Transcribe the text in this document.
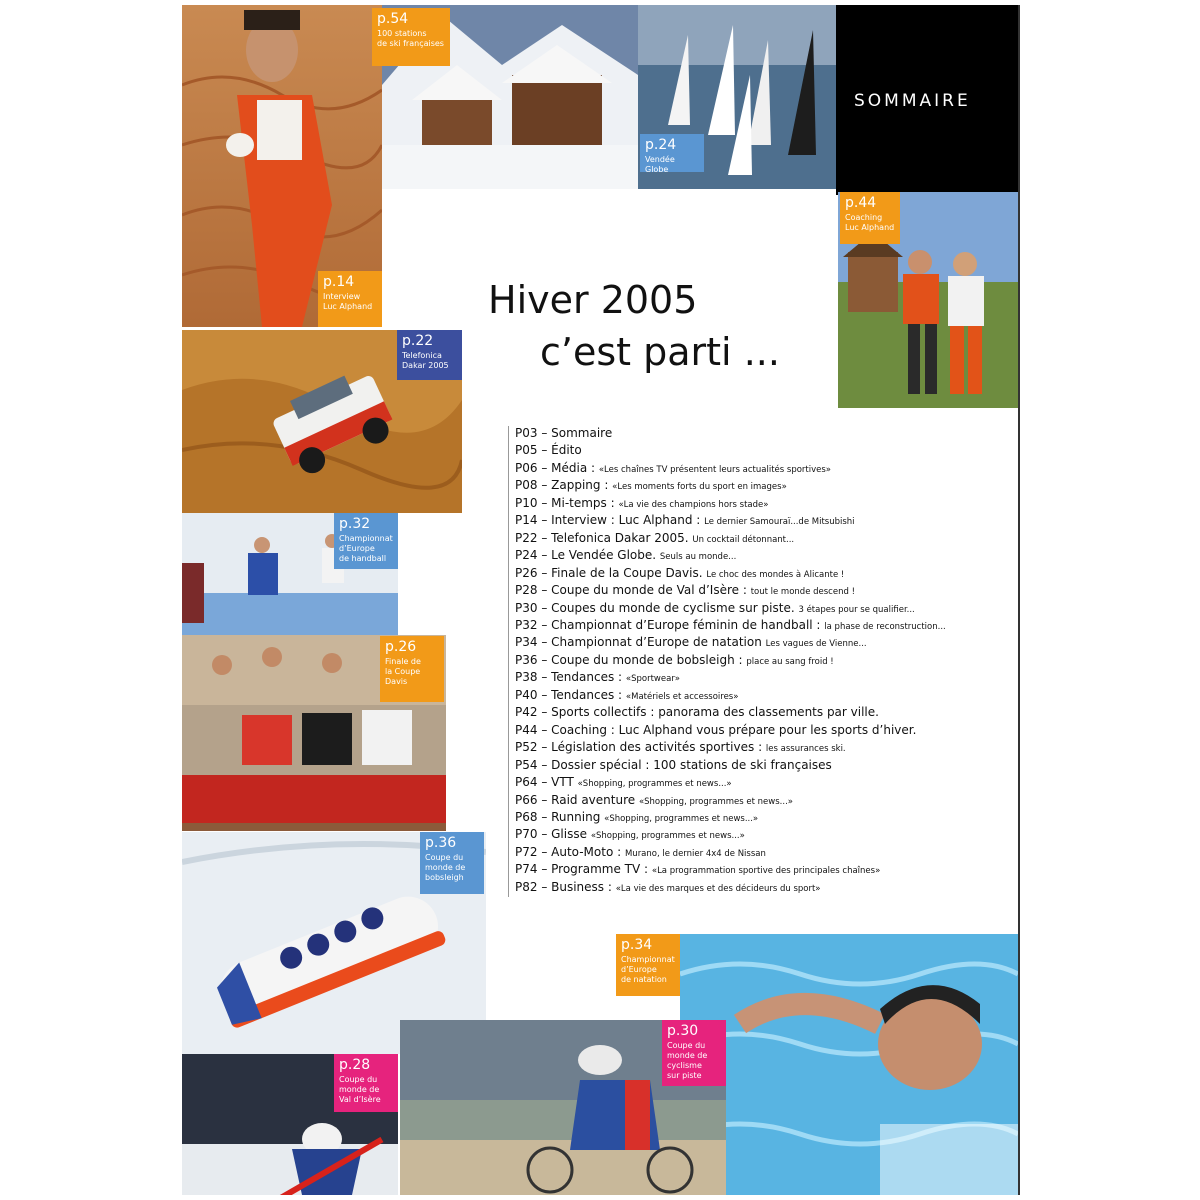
SOMMAIRE
p.54
100 stations
de ski françaises
p.24
Vendée Globe
p.44
Coaching
Luc Alphand
p.14
Interview
Luc Alphand
p.22
Telefonica
Dakar 2005
p.32
Championnat
d’Europe
de handball
p.26
Finale de
la Coupe
Davis
p.36
Coupe du
monde de
bobsleigh
p.34
Championnat
d’Europe
de natation
p.30
Coupe du
monde de
cyclisme
sur piste
p.28
Coupe du
monde de
Val d’Isère
Hiver 2005
c’est parti ...
P03 – Sommaire
P05 – Édito
P06 – Média : «Les chaînes TV présentent leurs actualités sportives»
P08 – Zapping : «Les moments forts du sport en images»
P10 – Mi-temps : «La vie des champions hors stade»
P14 – Interview : Luc Alphand : Le dernier Samouraï...de Mitsubishi
P22 – Telefonica Dakar 2005. Un cocktail détonnant...
P24 – Le Vendée Globe. Seuls au monde...
P26 – Finale de la Coupe Davis. Le choc des mondes à Alicante !
P28 – Coupe du monde de Val d’Isère : tout le monde descend !
P30 – Coupes du monde de cyclisme sur piste. 3 étapes pour se qualifier...
P32 – Championnat d’Europe féminin de handball : la phase de reconstruction...
P34 – Championnat d’Europe de natation Les vagues de Vienne...
P36 – Coupe du monde de bobsleigh : place au sang froid !
P38 – Tendances : «Sportwear»
P40 – Tendances : «Matériels et accessoires»
P42 – Sports collectifs : panorama des classements par ville.
P44 – Coaching : Luc Alphand vous prépare pour les sports d’hiver.
P52 – Législation des activités sportives : les assurances ski.
P54 – Dossier spécial : 100 stations de ski françaises
P64 – VTT «Shopping, programmes et news...»
P66 – Raid aventure «Shopping, programmes et news...»
P68 – Running «Shopping, programmes et news...»
P70 – Glisse «Shopping, programmes et news...»
P72 – Auto-Moto : Murano, le dernier 4x4 de Nissan
P74 – Programme TV : «La programmation sportive des principales chaînes»
P82 – Business : «La vie des marques et des décideurs du sport»
